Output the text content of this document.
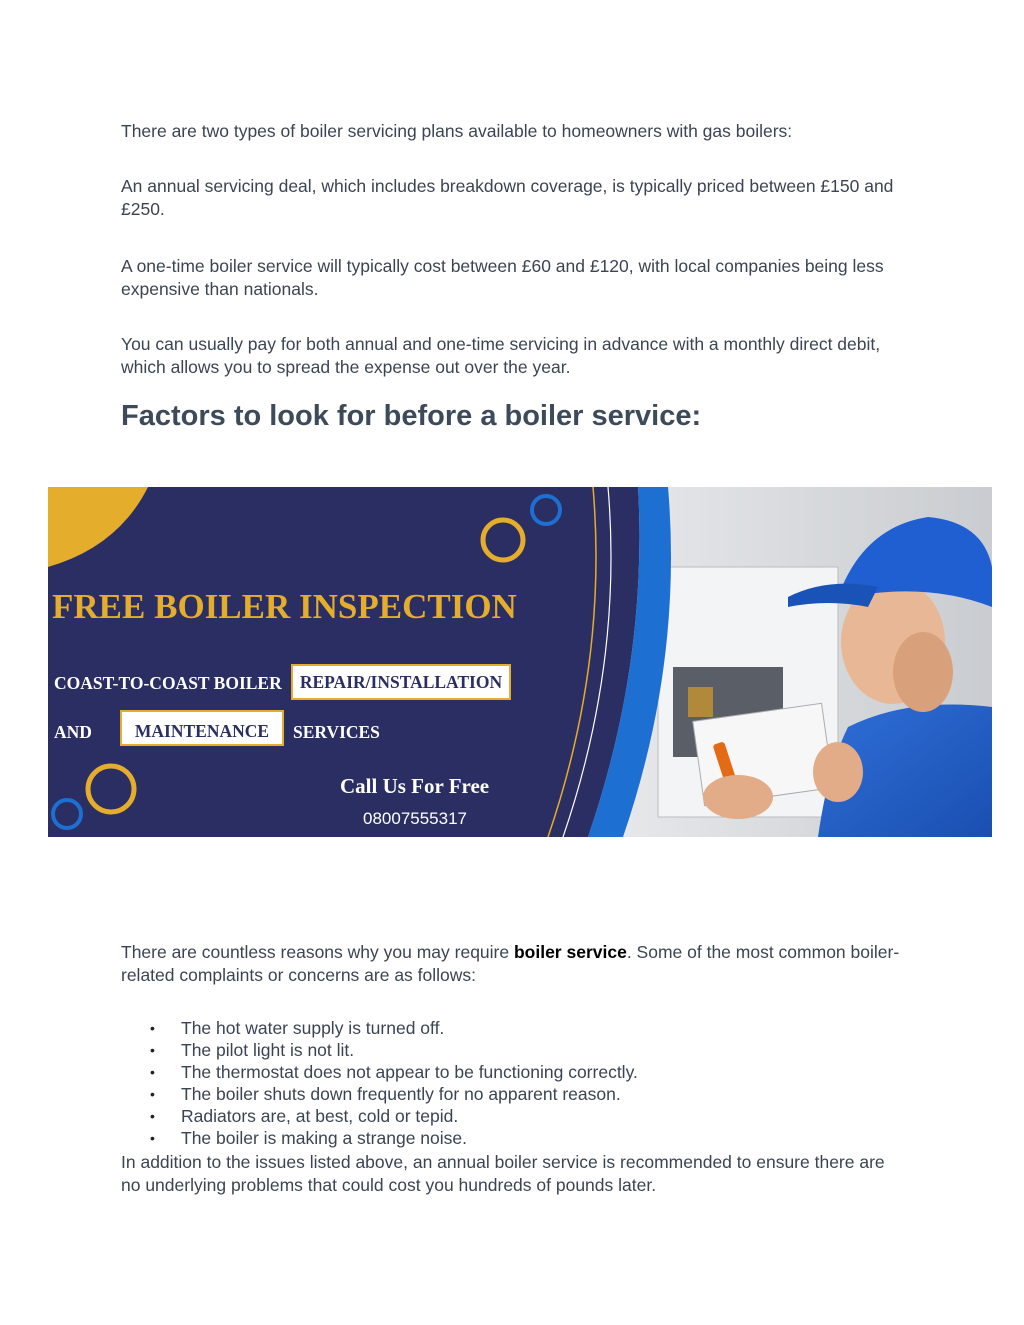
There are two types of boiler servicing plans available to homeowners with gas boilers:

An annual servicing deal, which includes breakdown coverage, is typically priced between £150 and £250.

A one-time boiler service will typically cost between £60 and £120, with local companies being less expensive than nationals.

You can usually pay for both annual and one-time servicing in advance with a monthly direct debit, which allows you to spread the expense out over the year.

Factors to look for before a boiler service:
FREE BOILER INSPECTION
COAST-TO-COAST BOILER REPAIR/INSTALLATION
AND MAINTENANCE SERVICES
Call Us For Free
08007555317

There are countless reasons why you may require boiler service. Some of the most common boiler-related complaints or concerns are as follows:

• The hot water supply is turned off.
• The pilot light is not lit.
• The thermostat does not appear to be functioning correctly.
• The boiler shuts down frequently for no apparent reason.
• Radiators are, at best, cold or tepid.
• The boiler is making a strange noise.

In addition to the issues listed above, an annual boiler service is recommended to ensure there are no underlying problems that could cost you hundreds of pounds later.
